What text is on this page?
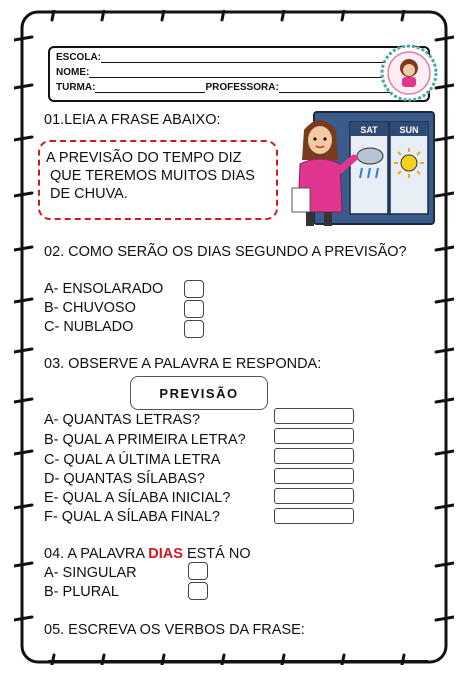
ESCOLA:
NOME:
TURMA:	PROFESSORA:
01.LEIA A FRASE ABAIXO:
A PREVISÃO DO TEMPO DIZ
QUE TEREMOS MUITOS DIAS
DE CHUVA.
SAT SUN
02. COMO SERÃO OS DIAS SEGUNDO A PREVISÃO?
A- ENSOLARADO
B- CHUVOSO
C- NUBLADO
03. OBSERVE A PALAVRA E RESPONDA:
PREVISÃO
A- QUANTAS LETRAS?
B- QUAL A PRIMEIRA LETRA?
C- QUAL A ÚLTIMA LETRA
D- QUANTAS SÍLABAS?
E- QUAL A SÍLABA INICIAL?
F- QUAL A SÍLABA FINAL?
04. A PALAVRA DIAS ESTÁ NO
A- SINGULAR
B- PLURAL
05. ESCREVA OS VERBOS DA FRASE:
